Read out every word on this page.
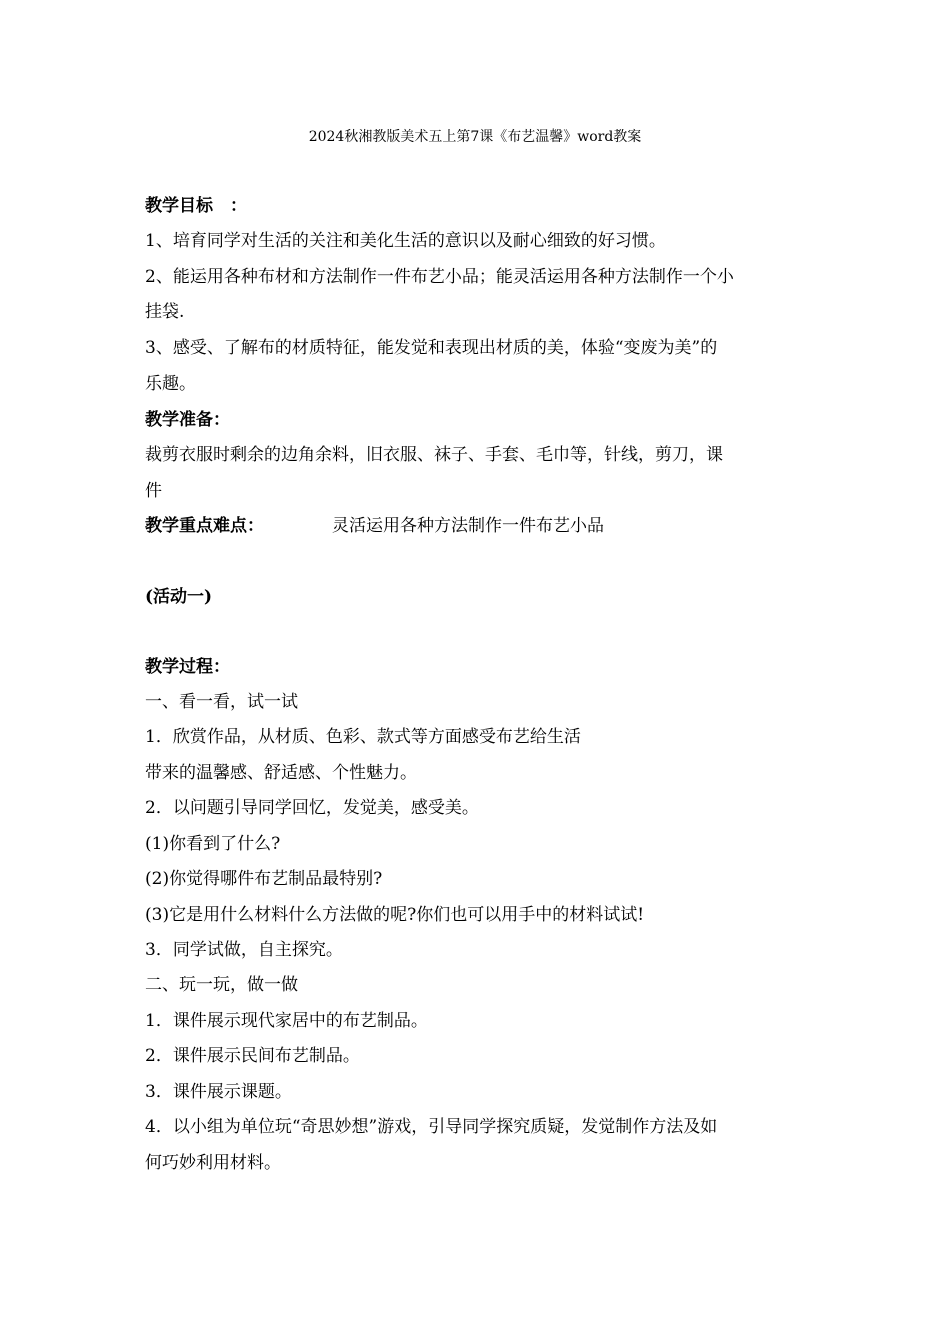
2024秋湘教版美术五上第7课《布艺温馨》word教案
教学目标　：
1、培育同学对生活的关注和美化生活的意识以及耐心细致的好习惯。
2、能运用各种布材和方法制作一件布艺小品；能灵活运用各种方法制作一个小
挂袋.
3、感受、了解布的材质特征，能发觉和表现出材质的美，体验“变废为美”的
乐趣。
教学准备：
裁剪衣服时剩余的边角余料，旧衣服、袜子、手套、毛巾等，针线，剪刀，课
件
教学重点难点：	灵活运用各种方法制作一件布艺小品
(活动一)
教学过程：
一、看一看，试一试
1．欣赏作品，从材质、色彩、款式等方面感受布艺给生活
带来的温馨感、舒适感、个性魅力。
2．以问题引导同学回忆，发觉美，感受美。
(1)你看到了什么?
(2)你觉得哪件布艺制品最特别?
(3)它是用什么材料什么方法做的呢?你们也可以用手中的材料试试!
3．同学试做，自主探究。
二、玩一玩，做一做
1．课件展示现代家居中的布艺制品。
2．课件展示民间布艺制品。
3．课件展示课题。
4．以小组为单位玩“奇思妙想”游戏，引导同学探究质疑，发觉制作方法及如
何巧妙利用材料。
